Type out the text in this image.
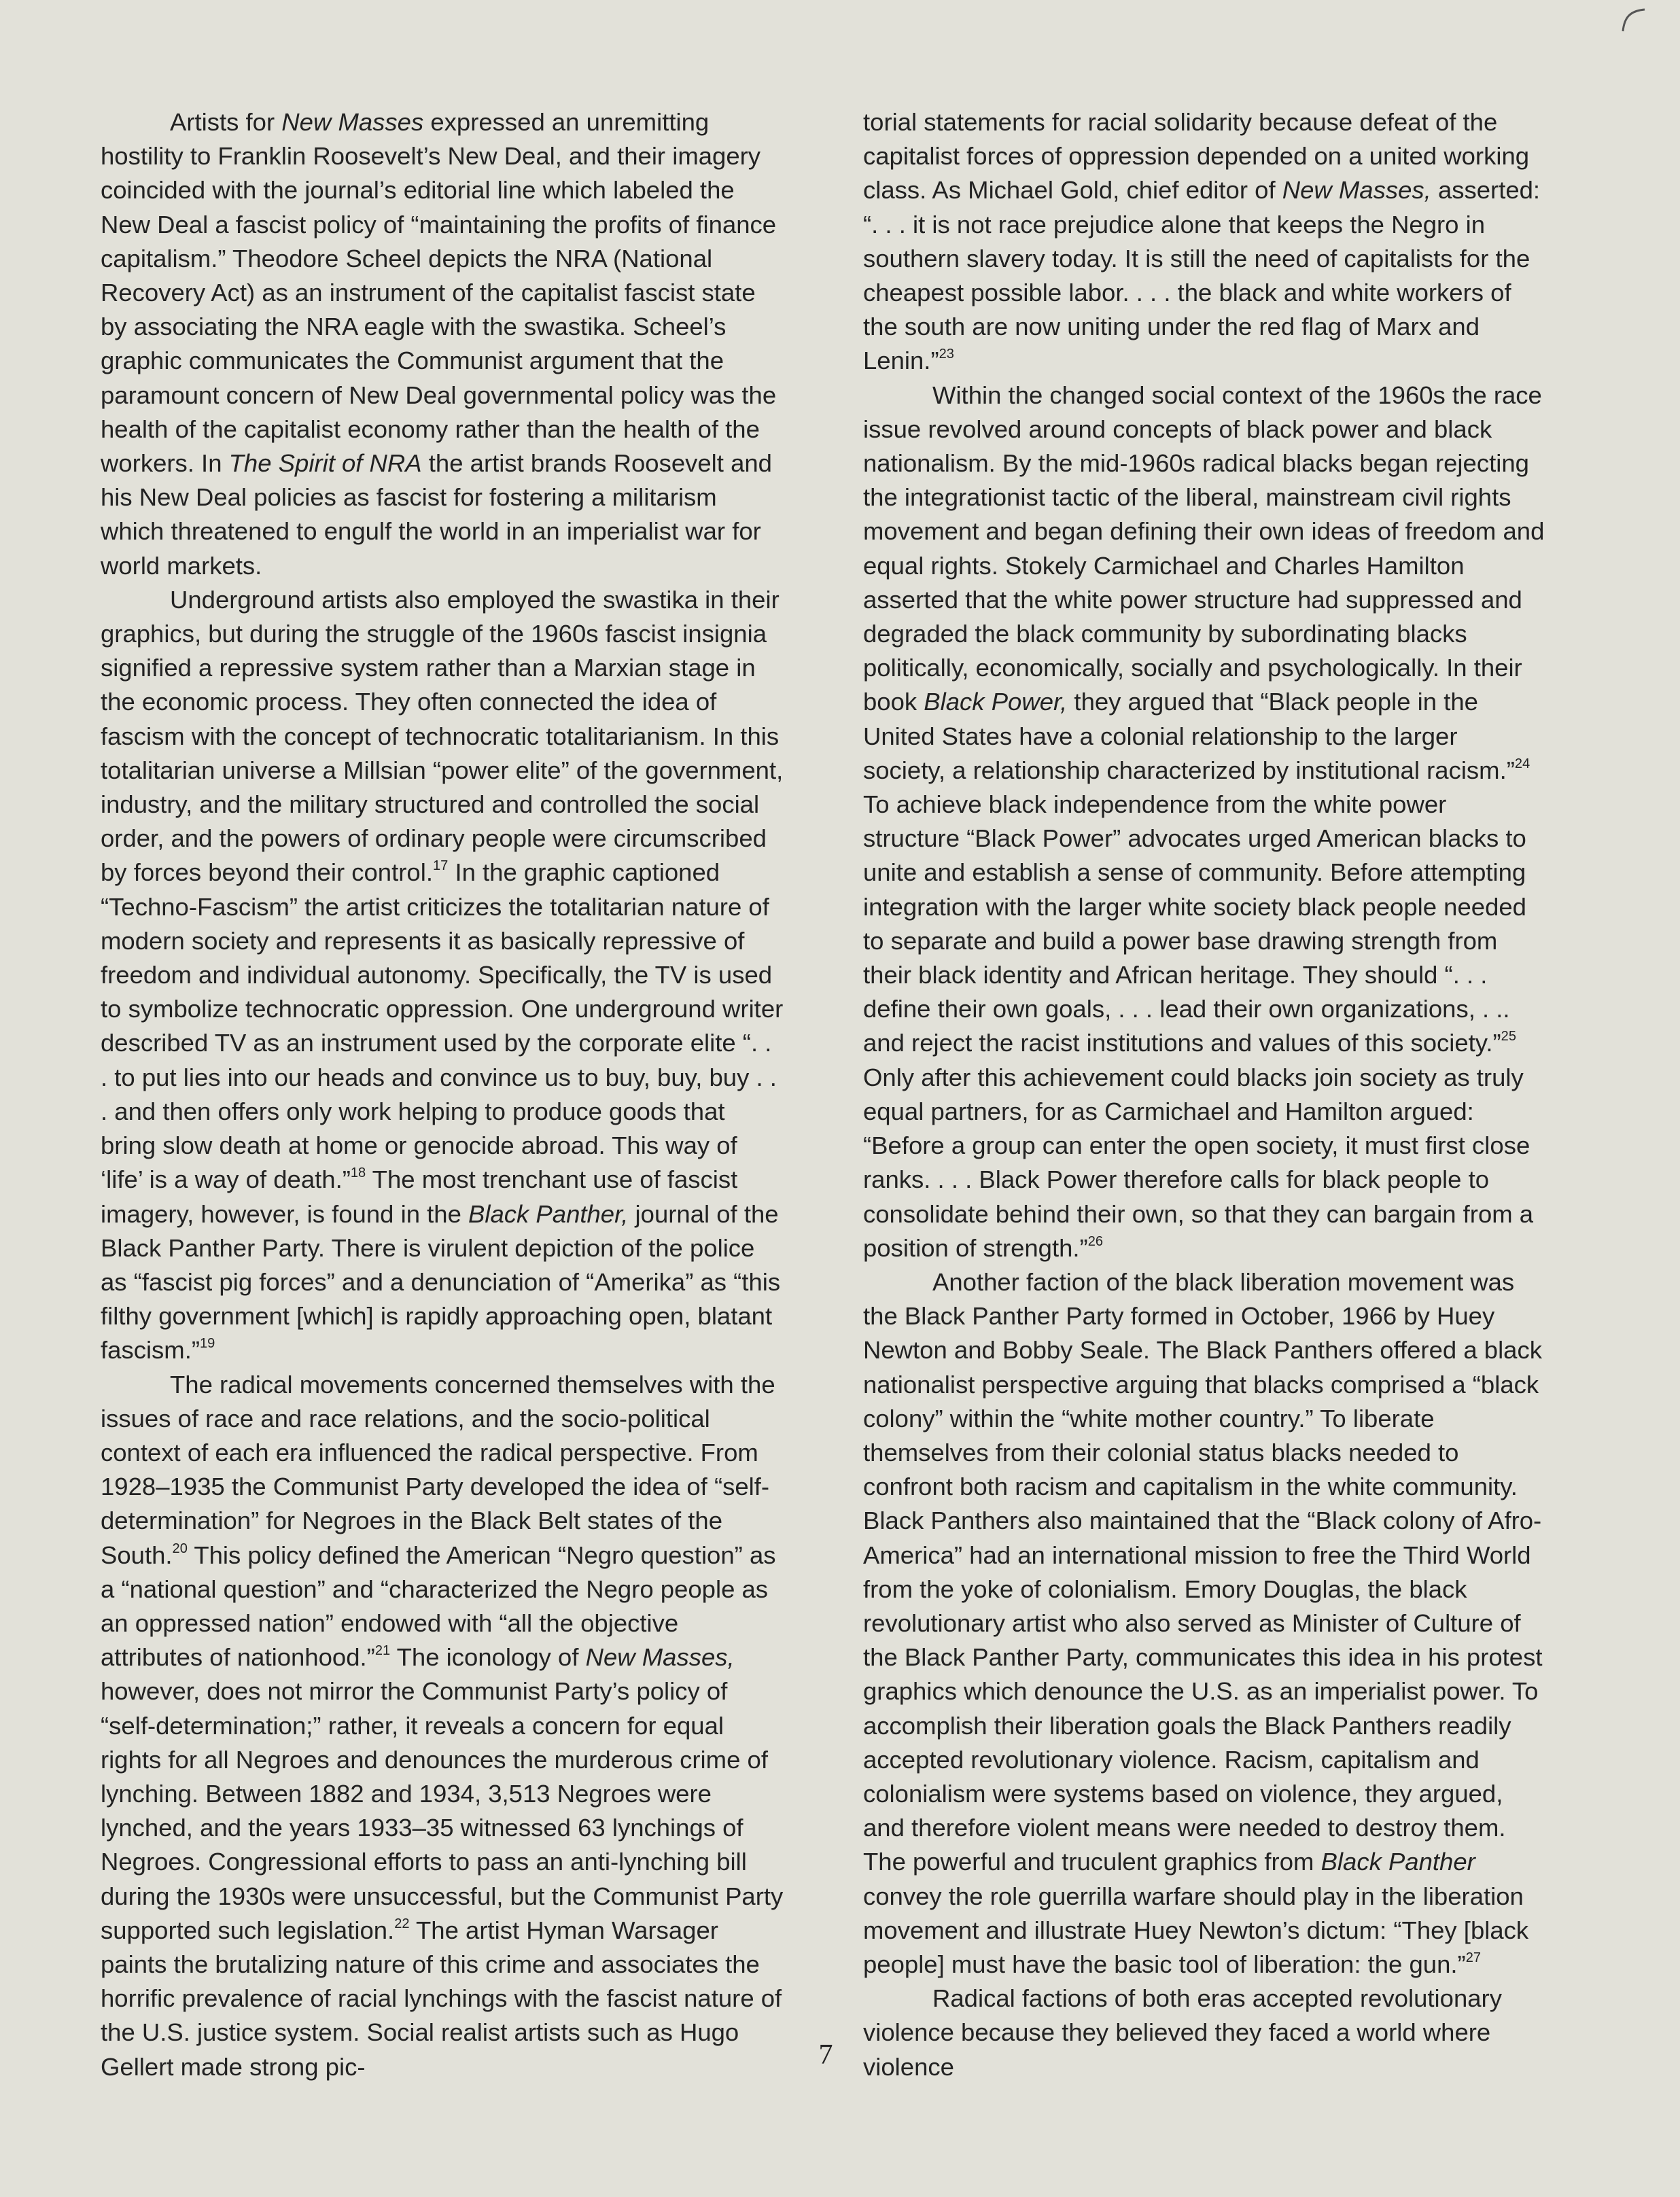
Artists for New Masses expressed an unremitting hostility to Franklin Roosevelt’s New Deal, and their imagery coincided with the journal’s editorial line which labeled the New Deal a fascist policy of “maintaining the profits of finance capitalism.” Theodore Scheel depicts the NRA (National Recovery Act) as an instrument of the capitalist fascist state by associating the NRA eagle with the swastika. Scheel’s graphic communicates the Communist argument that the paramount concern of New Deal governmental policy was the health of the capitalist economy rather than the health of the workers. In The Spirit of NRA the artist brands Roosevelt and his New Deal policies as fascist for fostering a militarism which threatened to engulf the world in an imperialist war for world markets.

Underground artists also employed the swastika in their graphics, but during the struggle of the 1960s fascist insignia signified a repressive system rather than a Marxian stage in the economic process. They often connected the idea of fascism with the concept of technocratic totalitarianism. In this totalitarian universe a Millsian “power elite” of the government, industry, and the military structured and controlled the social order, and the powers of ordinary people were circumscribed by forces beyond their control.$^{17}$ In the graphic captioned “Techno-Fascism” the artist criticizes the totalitarian nature of modern society and represents it as basically repressive of freedom and individual autonomy. Specifically, the TV is used to symbolize technocratic oppression. One underground writer described TV as an instrument used by the corporate elite “. . . to put lies into our heads and convince us to buy, buy, buy . . . and then offers only work helping to produce goods that bring slow death at home or genocide abroad. This way of ‘life’ is a way of death.”$^{18}$ The most trenchant use of fascist imagery, however, is found in the Black Panther, journal of the Black Panther Party. There is virulent depiction of the police as “fascist pig forces” and a denunciation of “Amerika” as “this filthy government [which] is rapidly approaching open, blatant fascism.”$^{19}$

The radical movements concerned themselves with the issues of race and race relations, and the socio-political context of each era influenced the radical perspective. From 1928–1935 the Communist Party developed the idea of “self-determination” for Negroes in the Black Belt states of the South.$^{20}$ This policy defined the American “Negro question” as a “national question” and “characterized the Negro people as an oppressed nation” endowed with “all the objective attributes of nationhood.”$^{21}$ The iconology of New Masses, however, does not mirror the Communist Party’s policy of “self-determination;” rather, it reveals a concern for equal rights for all Negroes and denounces the murderous crime of lynching. Between 1882 and 1934, 3,513 Negroes were lynched, and the years 1933–35 witnessed 63 lynchings of Negroes. Congressional efforts to pass an anti-lynching bill during the 1930s were unsuccessful, but the Communist Party supported such legislation.$^{22}$ The artist Hyman Warsager paints the brutalizing nature of this crime and associates the horrific prevalence of racial lynchings with the fascist nature of the U.S. justice system. Social realist artists such as Hugo Gellert made strong pic-

torial statements for racial solidarity because defeat of the capitalist forces of oppression depended on a united working class. As Michael Gold, chief editor of New Masses, asserted: “. . . it is not race prejudice alone that keeps the Negro in southern slavery today. It is still the need of capitalists for the cheapest possible labor. . . . the black and white workers of the south are now uniting under the red flag of Marx and Lenin.”$^{23}$

Within the changed social context of the 1960s the race issue revolved around concepts of black power and black nationalism. By the mid-1960s radical blacks began rejecting the integrationist tactic of the liberal, mainstream civil rights movement and began defining their own ideas of freedom and equal rights. Stokely Carmichael and Charles Hamilton asserted that the white power structure had suppressed and degraded the black community by subordinating blacks politically, economically, socially and psychologically. In their book Black Power, they argued that “Black people in the United States have a colonial relationship to the larger society, a relationship characterized by institutional racism.”$^{24}$ To achieve black independence from the white power structure “Black Power” advocates urged American blacks to unite and establish a sense of community. Before attempting integration with the larger white society black people needed to separate and build a power base drawing strength from their black identity and African heritage. They should “. . . define their own goals, . . . lead their own organizations, . .. and reject the racist institutions and values of this society.”$^{25}$ Only after this achievement could blacks join society as truly equal partners, for as Carmichael and Hamilton argued: “Before a group can enter the open society, it must first close ranks. . . . Black Power therefore calls for black people to consolidate behind their own, so that they can bargain from a position of strength.”$^{26}$

Another faction of the black liberation movement was the Black Panther Party formed in October, 1966 by Huey Newton and Bobby Seale. The Black Panthers offered a black nationalist perspective arguing that blacks comprised a “black colony” within the “white mother country.” To liberate themselves from their colonial status blacks needed to confront both racism and capitalism in the white community. Black Panthers also maintained that the “Black colony of Afro-America” had an international mission to free the Third World from the yoke of colonialism. Emory Douglas, the black revolutionary artist who also served as Minister of Culture of the Black Panther Party, communicates this idea in his protest graphics which denounce the U.S. as an imperialist power. To accomplish their liberation goals the Black Panthers readily accepted revolutionary violence. Racism, capitalism and colonialism were systems based on violence, they argued, and therefore violent means were needed to destroy them. The powerful and truculent graphics from Black Panther convey the role guerrilla warfare should play in the liberation movement and illustrate Huey Newton’s dictum: “They [black people] must have the basic tool of liberation: the gun.”$^{27}$

Radical factions of both eras accepted revolutionary violence because they believed they faced a world where violence

7
